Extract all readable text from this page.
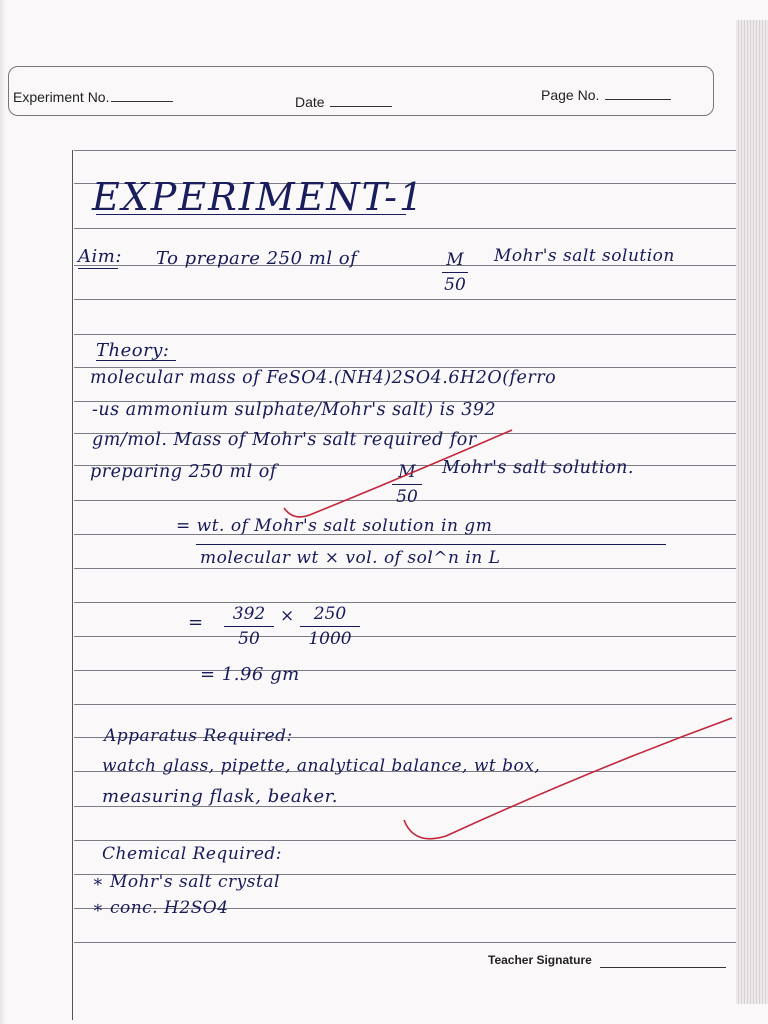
Experiment No.	Date	Page No.
EXPERIMENT-1
Aim: To prepare 250 ml of	M
50
Mohr's salt solution
Theory:
molecular mass of FeSO4.(NH4)2SO4.6H2O(ferro
-us ammonium sulphate/Mohr's salt) is 392
gm/mol. Mass of Mohr's salt required for
preparing 250 ml of	M
50
Mohr's salt solution.
= wt. of Mohr's salt solution in gm
molecular wt × vol. of sol^n in L
=	392
50
×	250
1000
= 1.96 gm
Apparatus Required:
watch glass, pipette, analytical balance, wt box,
measuring flask, beaker.
Chemical Required:
∗ Mohr's salt crystal
∗ conc. H2SO4
Teacher Signature
